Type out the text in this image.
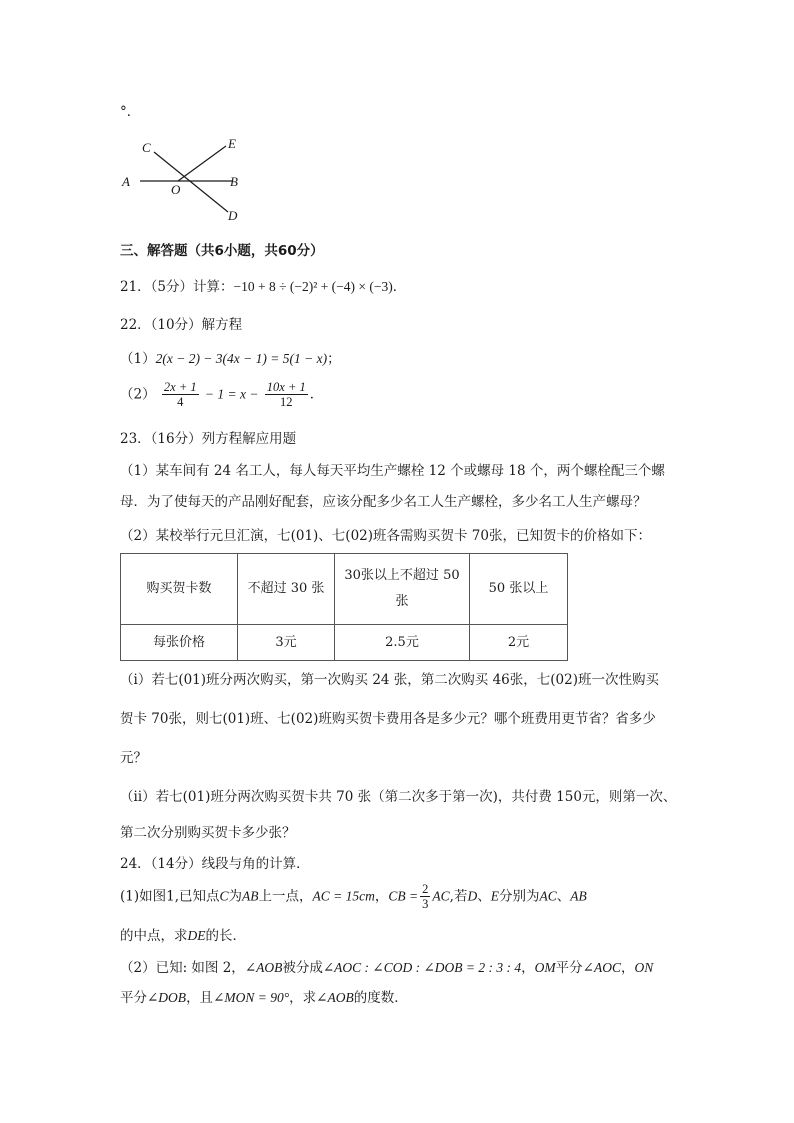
°．
A	B
C
D
E
O
三、解答题（共6小题，共60分）
21．（5分）计算：−10 + 8 ÷ (−2)² + (−4) × (−3)．
22．（10分）解方程
（1）2(x − 2) − 3(4x − 1) = 5(1 − x)；
$(2) \frac{2x + 1}{4} - 1 = x - \frac{10x + 1}{12}$ ．
23．（16分）列方程解应用题
（1）某车间有 24 名工人，每人每天平均生产螺栓 12 个或螺母 18 个，两个螺栓配三个螺
母．为了使每天的产品刚好配套，应该分配多少名工人生产螺栓，多少名工人生产螺母？
（2）某校举行元旦汇演，七(01)、七(02)班各需购买贺卡 70张，已知贺卡的价格如下：
购买贺卡数	不超过 30 张	30张以上不超过 50
张	50 张以上
每张价格	3元	2.5元	2元
（ⅰ）若七(01)班分两次购买，第一次购买 24 张，第二次购买 46张，七(02)班一次性购买
贺卡 70张，则七(01)班、七(02)班购买贺卡费用各是多少元？哪个班费用更节省？省多少
元？
（ⅱ）若七(01)班分两次购买贺卡共 70 张（第二次多于第一次)，共付费 150元，则第一次、
第二次分别购买贺卡多少张？
24．（14分）线段与角的计算．
(1)如图1,已知点C为AB上一点，AC = 15cm，CB = $\frac{2}{3}$ AC,若D、E分别为AC、AB
的中点，求DE的长．
（2）已知: 如图 2，∠AOB被分成∠AOC : ∠COD : ∠DOB = 2 : 3 : 4，OM平分∠AOC，ON
平分∠DOB，且∠MON = 90°，求∠AOB的度数．
